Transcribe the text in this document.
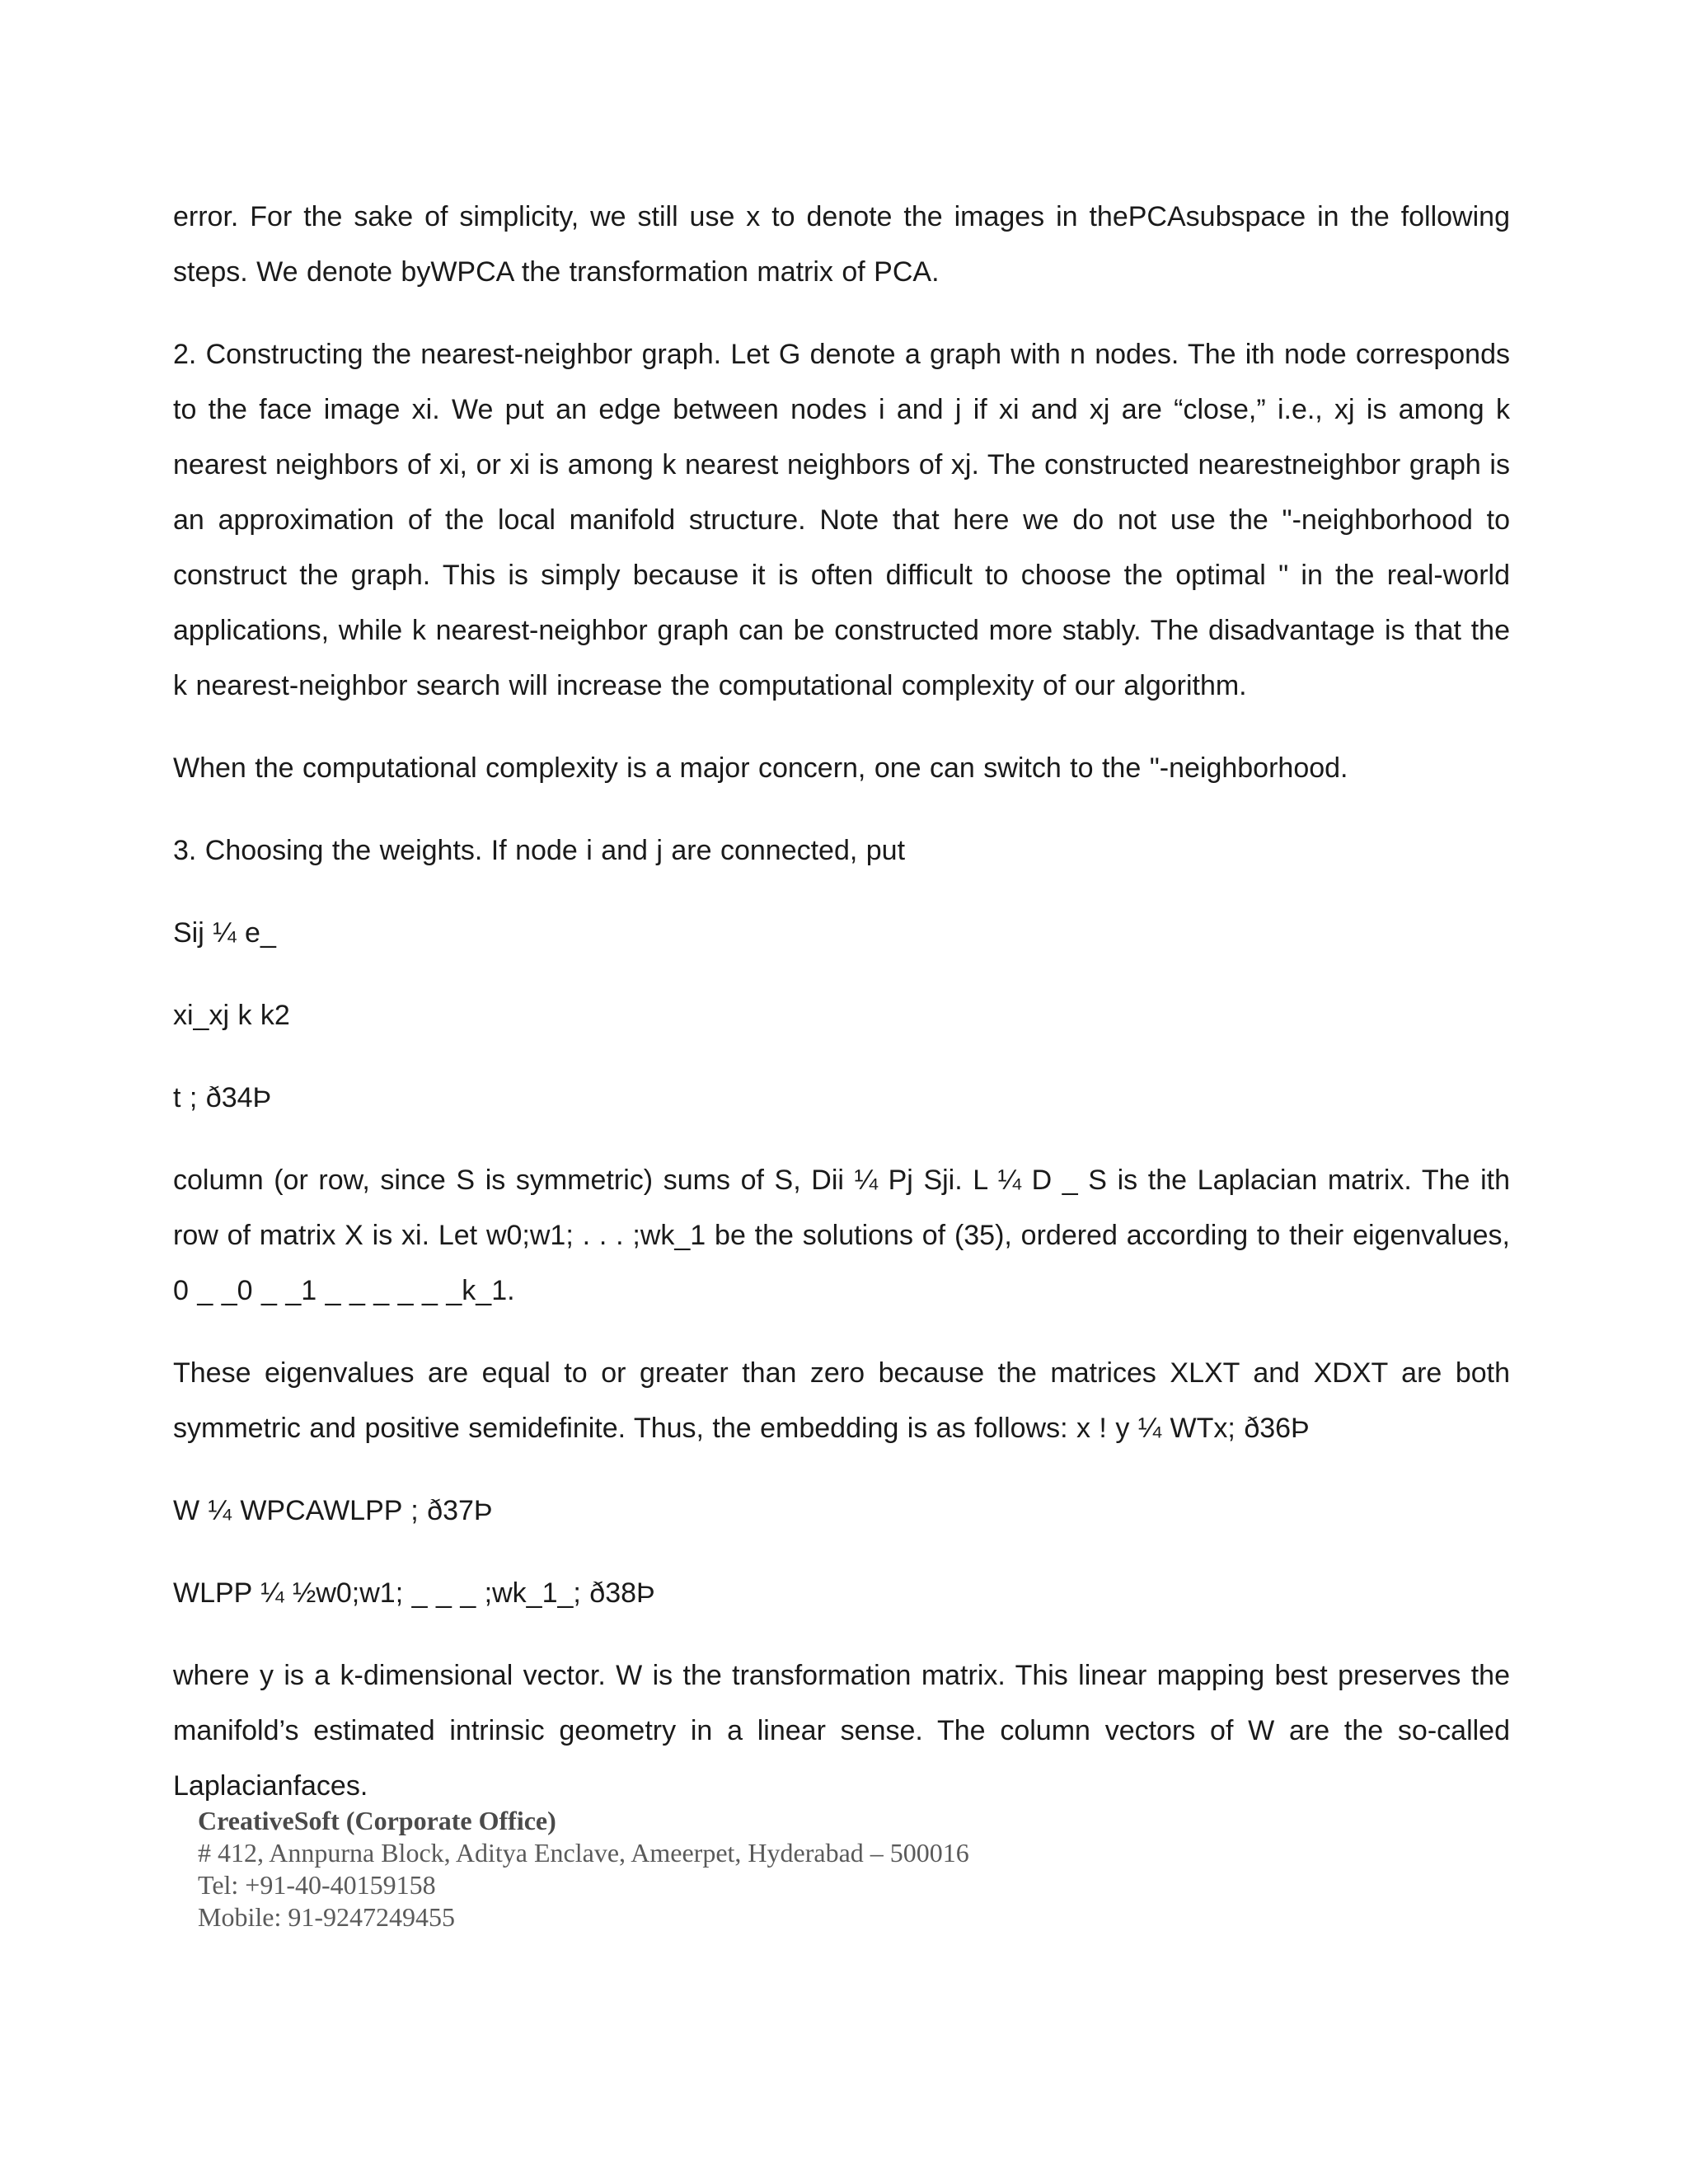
error. For the sake of simplicity, we still use x to denote the images in thePCAsubspace in the following steps. We denote byWPCA the transformation matrix of PCA.

2. Constructing the nearest-neighbor graph. Let G denote a graph with n nodes. The ith node corresponds to the face image xi. We put an edge between nodes i and j if xi and xj are “close,” i.e., xj is among k nearest neighbors of xi, or xi is among k nearest neighbors of xj. The constructed nearestneighbor graph is an approximation of the local manifold structure. Note that here we do not use the "-neighborhood to construct the graph. This is simply because it is often difficult to choose the optimal " in the real-world applications, while k nearest-neighbor graph can be constructed more stably. The disadvantage is that the k nearest-neighbor search will increase the computational complexity of our algorithm.

When the computational complexity is a major concern, one can switch to the "-neighborhood.

3. Choosing the weights. If node i and j are connected, put

Sij ¼ e_

xi_xj k k2

t ; ð34Þ

column (or row, since S is symmetric) sums of S, Dii ¼ Pj Sji. L ¼ D _ S is the Laplacian matrix. The ith row of matrix X is xi. Let w0;w1; . . . ;wk_1 be the solutions of (35), ordered according to their eigenvalues, 0 _ _0 _ _1 _ _ _ _ _ _k_1.

These eigenvalues are equal to or greater than zero because the matrices XLXT and XDXT are both symmetric and positive semidefinite. Thus, the embedding is as follows: x ! y ¼ WTx; ð36Þ

W ¼ WPCAWLPP ; ð37Þ

WLPP ¼ ½w0;w1; _ _ _ ;wk_1_; ð38Þ

where y is a k-dimensional vector. W is the transformation matrix. This linear mapping best preserves the manifold’s estimated intrinsic geometry in a linear sense. The column vectors of W are the so-called Laplacianfaces.

CreativeSoft (Corporate Office)
# 412, Annpurna Block, Aditya Enclave, Ameerpet, Hyderabad – 500016
Tel: +91-40-40159158
Mobile: 91-9247249455
